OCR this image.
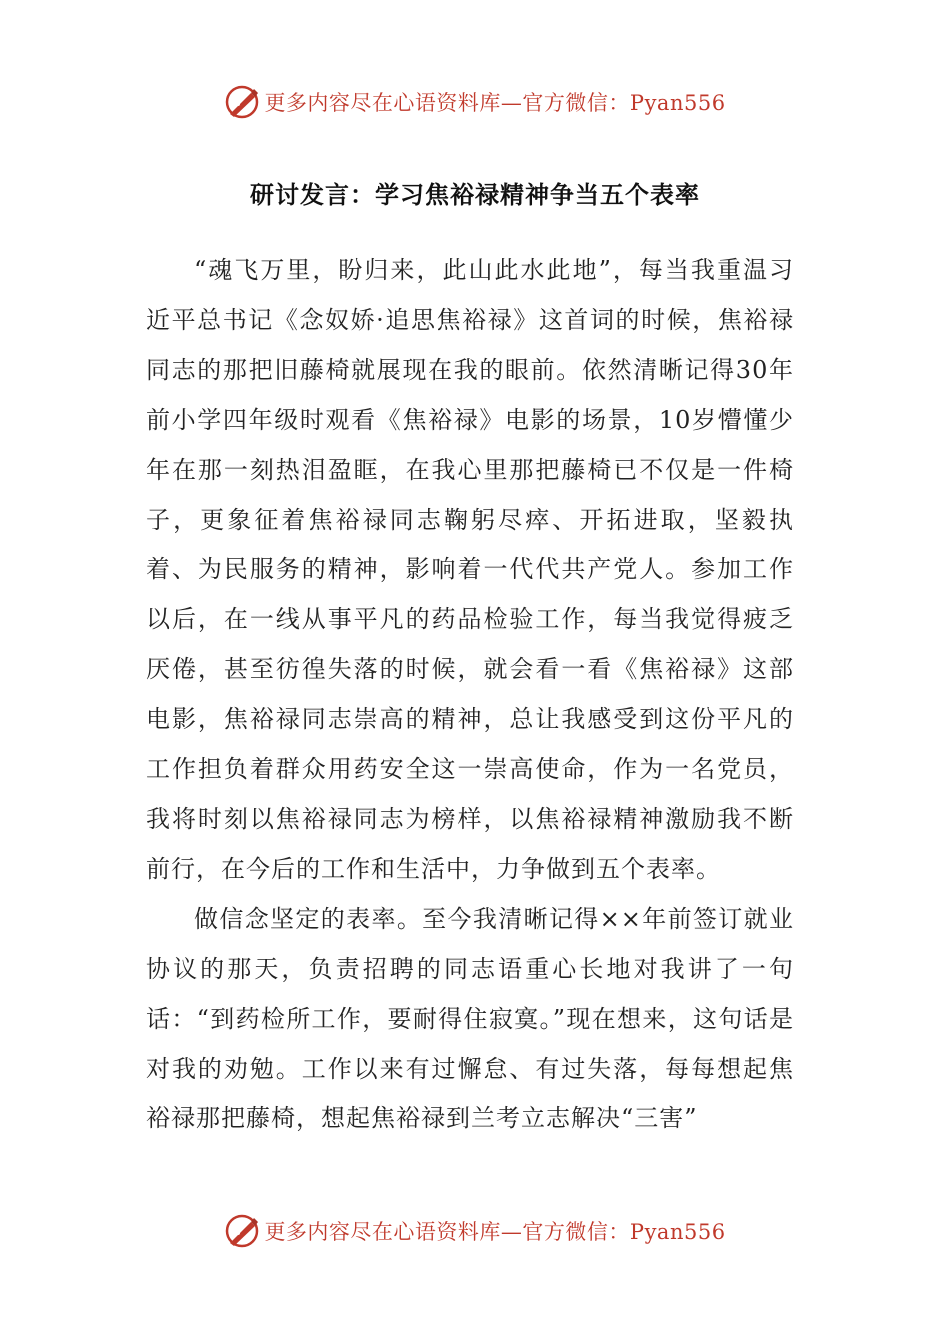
更多内容尽在心语资料库—官方微信：Pyan556
研讨发言：学习焦裕禄精神争当五个表率

“魂飞万里，盼归来，此山此水此地”，每当我重温习近平总书记《念奴娇·追思焦裕禄》这首词的时候，焦裕禄同志的那把旧藤椅就展现在我的眼前。依然清晰记得30年前小学四年级时观看《焦裕禄》电影的场景，10岁懵懂少年在那一刻热泪盈眶，在我心里那把藤椅已不仅是一件椅子，更象征着焦裕禄同志鞠躬尽瘁、开拓进取，坚毅执着、为民服务的精神，影响着一代代共产党人。参加工作以后，在一线从事平凡的药品检验工作，每当我觉得疲乏厌倦，甚至彷徨失落的时候，就会看一看《焦裕禄》这部电影，焦裕禄同志崇高的精神，总让我感受到这份平凡的工作担负着群众用药安全这一崇高使命，作为一名党员，我将时刻以焦裕禄同志为榜样，以焦裕禄精神激励我不断前行，在今后的工作和生活中，力争做到五个表率。

做信念坚定的表率。至今我清晰记得××年前签订就业协议的那天，负责招聘的同志语重心长地对我讲了一句话：“到药检所工作，要耐得住寂寞。”现在想来，这句话是对我的劝勉。工作以来有过懈怠、有过失落，每每想起焦裕禄那把藤椅，想起焦裕禄到兰考立志解决“三害”

更多内容尽在心语资料库—官方微信：Pyan556
